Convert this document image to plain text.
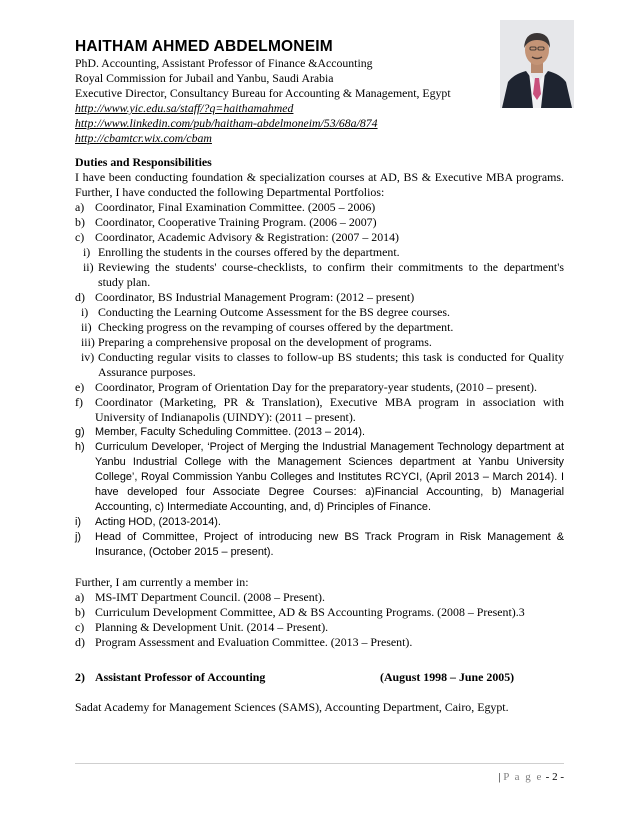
HAITHAM AHMED ABDELMONEIM
PhD. Accounting, Assistant Professor of Finance &Accounting
Royal Commission for Jubail and Yanbu, Saudi Arabia
Executive Director, Consultancy Bureau for Accounting & Management, Egypt
http://www.yic.edu.sa/staff/?q=haithamahmed
http://www.linkedin.com/pub/haitham-abdelmoneim/53/68a/874
http://cbamtcr.wix.com/cbam

Duties and Responsibilities

I have been conducting foundation & specialization courses at AD, BS & Executive MBA programs. Further, I have conducted the following Departmental Portfolios:

a) Coordinator, Final Examination Committee. (2005 – 2006)
b) Coordinator, Cooperative Training Program. (2006 – 2007)
c) Coordinator, Academic Advisory & Registration: (2007 – 2014)
i) Enrolling the students in the courses offered by the department.
ii) Reviewing the students' course-checklists, to confirm their commitments to the department's study plan.
d) Coordinator, BS Industrial Management Program: (2012 – present)
i) Conducting the Learning Outcome Assessment for the BS degree courses.
ii) Checking progress on the revamping of courses offered by the department.
iii) Preparing a comprehensive proposal on the development of programs.
iv) Conducting regular visits to classes to follow-up BS students; this task is conducted for Quality Assurance purposes.
e) Coordinator, Program of Orientation Day for the preparatory-year students, (2010 – present).
f)	Coordinator (Marketing, PR & Translation), Executive MBA program in association with University of Indianapolis (UINDY): (2011 – present).
g) Member, Faculty Scheduling Committee. (2013 – 2014).
h) Curriculum Developer, ‘Project of Merging the Industrial Management Technology department at Yanbu Industrial College with the Management Sciences department at Yanbu University College’, Royal Commission Yanbu Colleges and Institutes RCYCI, (April 2013 – March 2014). I have developed four Associate Degree Courses: a)Financial Accounting, b) Managerial Accounting, c) Intermediate Accounting, and, d) Principles of Finance.
i)	Acting HOD, (2013-2014).
j)	Head of Committee, Project of introducing new BS Track Program in Risk Management & Insurance, (October 2015 – present).

Further, I am currently a member in:

a) MS-IMT Department Council. (2008 – Present).
b) Curriculum Development Committee, AD & BS Accounting Programs. (2008 – Present).3
c) Planning & Development Unit. (2014 – Present).
d) Program Assessment and Evaluation Committee. (2013 – Present).
2) Assistant Professor of Accounting	(August 1998 – June 2005)

Sadat Academy for Management Sciences (SAMS), Accounting Department, Cairo, Egypt.

| P a g e - 2 -
